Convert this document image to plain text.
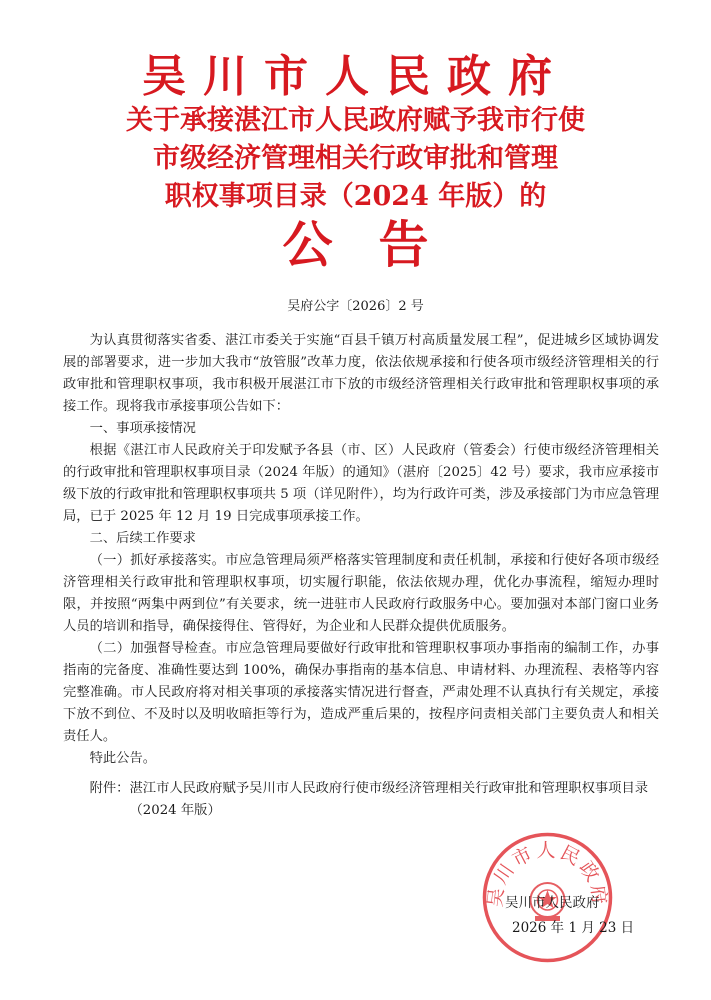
吴川市人民政府
关于承接湛江市人民政府赋予我市行使
市级经济管理相关行政审批和管理
职权事项目录（2024 年版）的
公告
吴府公字〔2026〕2 号

为认真贯彻落实省委、湛江市委关于实施“百县千镇万村高质量发展工程”，促进城乡区域协调发展的部署要求，进一步加大我市“放管服”改革力度，依法依规承接和行使各项市级经济管理相关的行政审批和管理职权事项，我市积极开展湛江市下放的市级经济管理相关行政审批和管理职权事项的承接工作。现将我市承接事项公告如下：

一、事项承接情况

根据《湛江市人民政府关于印发赋予各县（市、区）人民政府（管委会）行使市级经济管理相关的行政审批和管理职权事项目录（2024 年版）的通知》（湛府〔2025〕42 号）要求，我市应承接市级下放的行政审批和管理职权事项共 5 项（详见附件），均为行政许可类，涉及承接部门为市应急管理局，已于 2025 年 12 月 19 日完成事项承接工作。

二、后续工作要求

（一）抓好承接落实。市应急管理局须严格落实管理制度和责任机制，承接和行使好各项市级经济管理相关行政审批和管理职权事项，切实履行职能，依法依规办理，优化办事流程，缩短办理时限，并按照“两集中两到位”有关要求，统一进驻市人民政府行政服务中心。要加强对本部门窗口业务人员的培训和指导，确保接得住、管得好，为企业和人民群众提供优质服务。

（二）加强督导检查。市应急管理局要做好行政审批和管理职权事项办事指南的编制工作，办事指南的完备度、准确性要达到 100%，确保办事指南的基本信息、申请材料、办理流程、表格等内容完整准确。市人民政府将对相关事项的承接落实情况进行督查，严肃处理不认真执行有关规定，承接下放不到位、不及时以及明收暗拒等行为，造成严重后果的，按程序问责相关部门主要负责人和相关责任人。

特此公告。

附件： 湛江市人民政府赋予吴川市人民政府行使市级经济管理相关行政审批和管理职权事项目录（2024 年版）
吴川市人民政府
吴川市人民政府
2026 年 1 月 23 日
